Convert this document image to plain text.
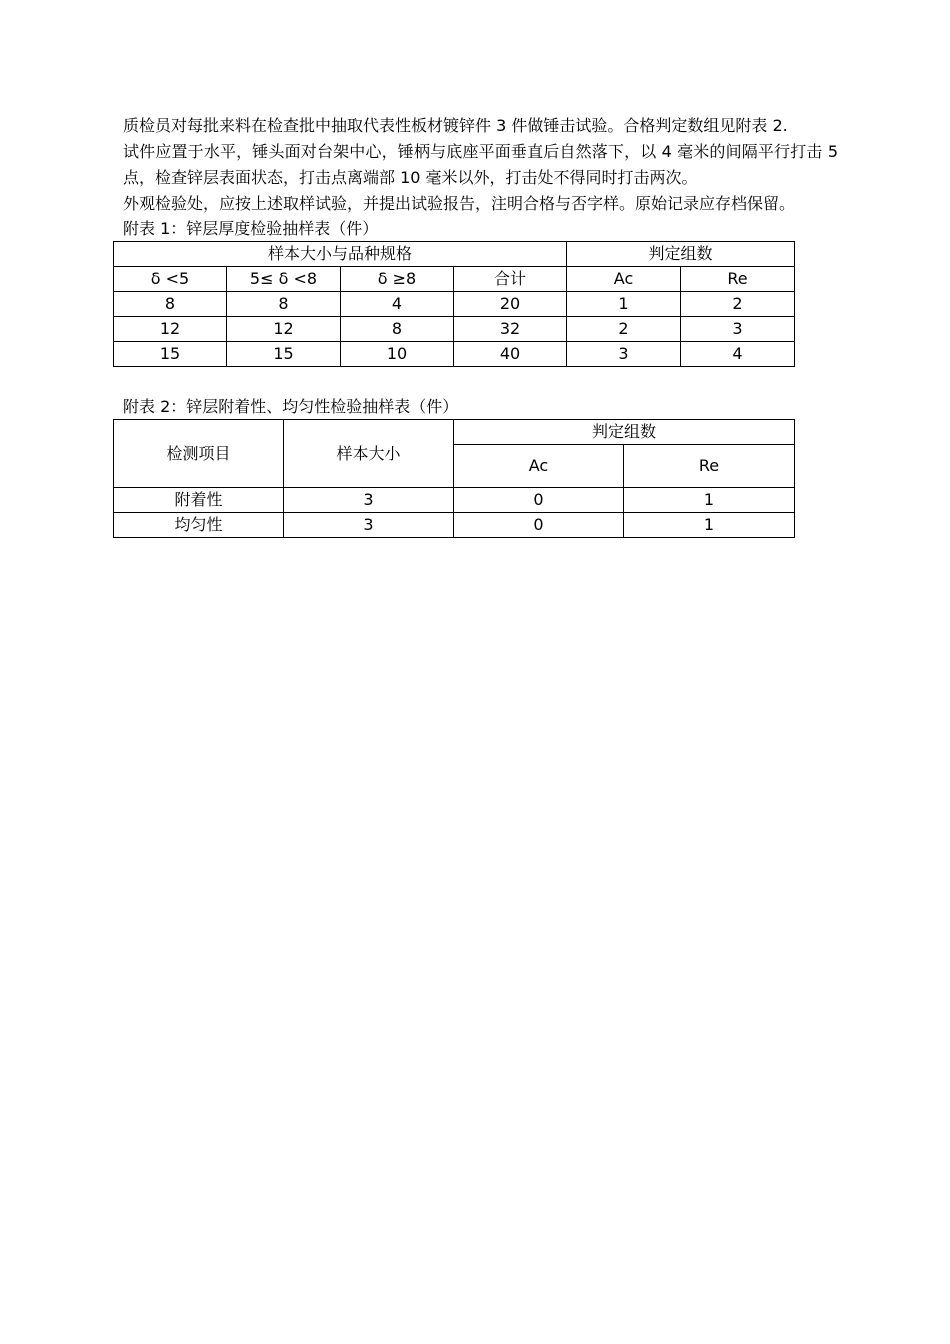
质检员对每批来料在检查批中抽取代表性板材镀锌件 3 件做锤击试验。合格判定数组见附表 2.

试件应置于水平，锤头面对台架中心，锤柄与底座平面垂直后自然落下，以 4 毫米的间隔平行打击 5 点，检查锌层表面状态，打击点离端部 10 毫米以外，打击处不得同时打击两次。

外观检验处，应按上述取样试验，并提出试验报告，注明合格与否字样。原始记录应存档保留。

附表 1：锌层厚度检验抽样表（件）

样本大小与品种规格				判定组数	
δ <5	5≤ δ <8	δ ≥8	合计	Ac	Re
8	8	4	20	1	2
12	12	8	32	2	3
15	15	10	40	3	4

附表 2：锌层附着性、均匀性检验抽样表（件）

检测项目	样本大小	判定组数	
		Ac	Re
附着性	3	0	1
均匀性	3	0	1
